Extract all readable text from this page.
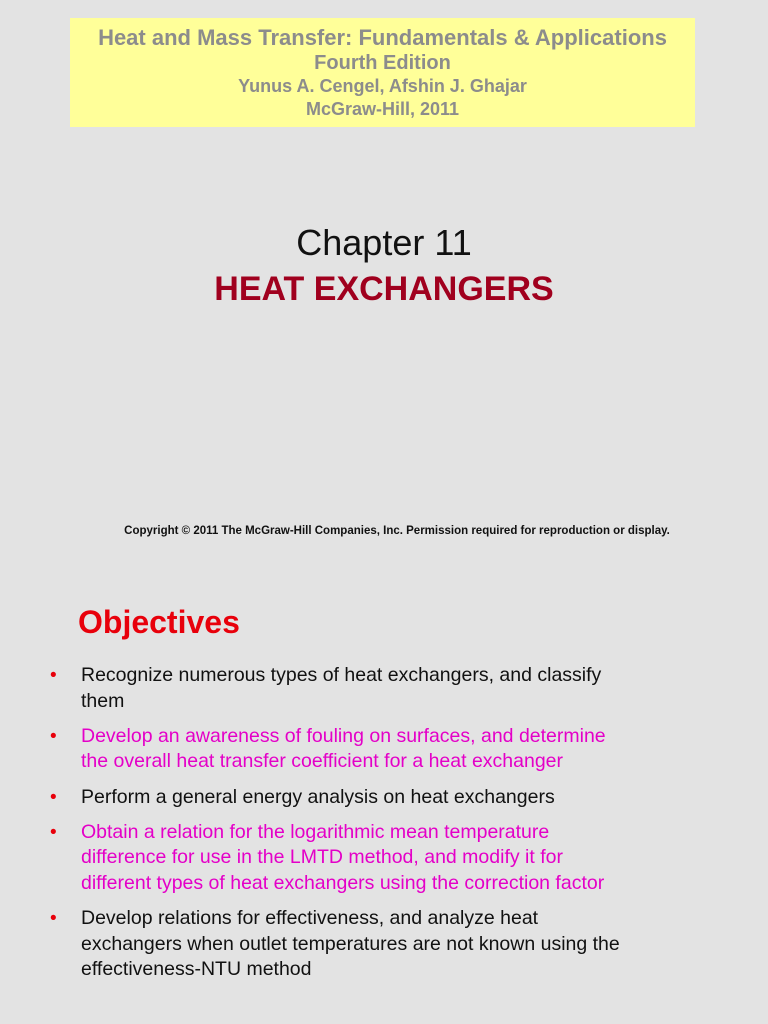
Heat and Mass Transfer: Fundamentals & Applications
Fourth Edition
Yunus A. Cengel, Afshin J. Ghajar
McGraw-Hill, 2011
Chapter 11
HEAT EXCHANGERS
Copyright © 2011 The McGraw-Hill Companies, Inc. Permission required for reproduction or display.
Objectives
• Recognize numerous types of heat exchangers, and classify them
• Develop an awareness of fouling on surfaces, and determine the overall heat transfer coefficient for a heat exchanger
• Perform a general energy analysis on heat exchangers
• Obtain a relation for the logarithmic mean temperature difference for use in the LMTD method, and modify it for different types of heat exchangers using the correction factor
• Develop relations for effectiveness, and analyze heat exchangers when outlet temperatures are not known using the effectiveness-NTU method
